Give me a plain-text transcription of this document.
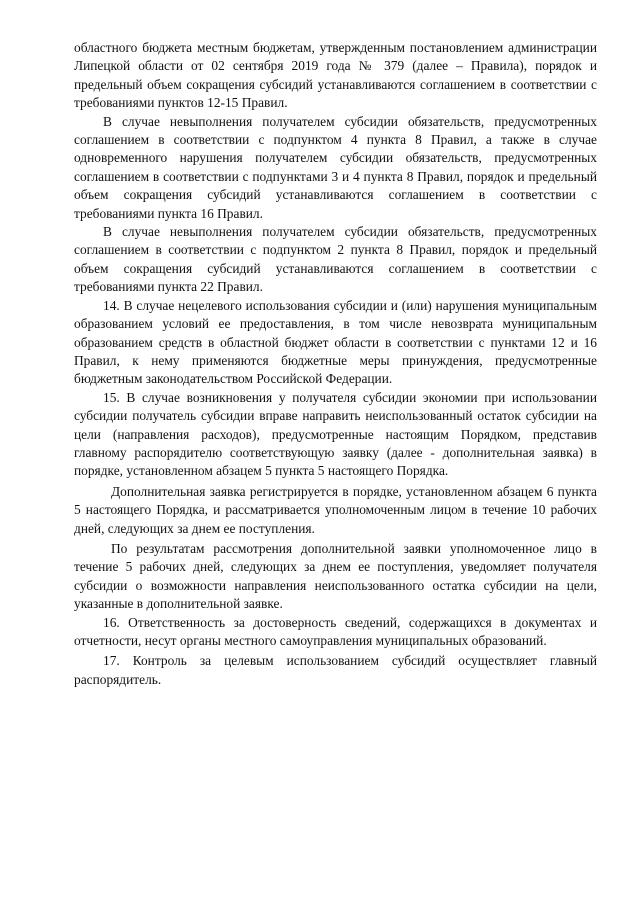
областного бюджета местным бюджетам, утвержденным постановлением администрации Липецкой области от 02 сентября 2019 года № 379 (далее – Правила), порядок и предельный объем сокращения субсидий устанавливаются соглашением в соответствии с требованиями пунктов 12-15 Правил.

В случае невыполнения получателем субсидии обязательств, предусмотренных соглашением в соответствии с подпунктом 4 пункта 8 Правил, а также в случае одновременного нарушения получателем субсидии обязательств, предусмотренных соглашением в соответствии с подпунктами 3 и 4 пункта 8 Правил, порядок и предельный объем сокращения субсидий устанавливаются соглашением в соответствии с требованиями пункта 16 Правил.

В случае невыполнения получателем субсидии обязательств, предусмотренных соглашением в соответствии с подпунктом 2 пункта 8 Правил, порядок и предельный объем сокращения субсидий устанавливаются соглашением в соответствии с требованиями пункта 22 Правил.

14. В случае нецелевого использования субсидии и (или) нарушения муниципальным образованием условий ее предоставления, в том числе невозврата муниципальным образованием средств в областной бюджет области в соответствии с пунктами 12 и 16 Правил, к нему применяются бюджетные меры принуждения, предусмотренные бюджетным законодательством Российской Федерации.

15. В случае возникновения у получателя субсидии экономии при использовании субсидии получатель субсидии вправе направить неиспользованный остаток субсидии на цели (направления расходов), предусмотренные настоящим Порядком, представив главному распорядителю соответствующую заявку (далее - дополнительная заявка) в порядке, установленном абзацем 5 пункта 5 настоящего Порядка.

Дополнительная заявка регистрируется в порядке, установленном абзацем 6 пункта 5 настоящего Порядка, и рассматривается уполномоченным лицом в течение 10 рабочих дней, следующих за днем ее поступления.

По результатам рассмотрения дополнительной заявки уполномоченное лицо в течение 5 рабочих дней, следующих за днем ее поступления, уведомляет получателя субсидии о возможности направления неиспользованного остатка субсидии на цели, указанные в дополнительной заявке.

16. Ответственность за достоверность сведений, содержащихся в документах и отчетности, несут органы местного самоуправления муниципальных образований.

17. Контроль за целевым использованием субсидий осуществляет главный распорядитель.
